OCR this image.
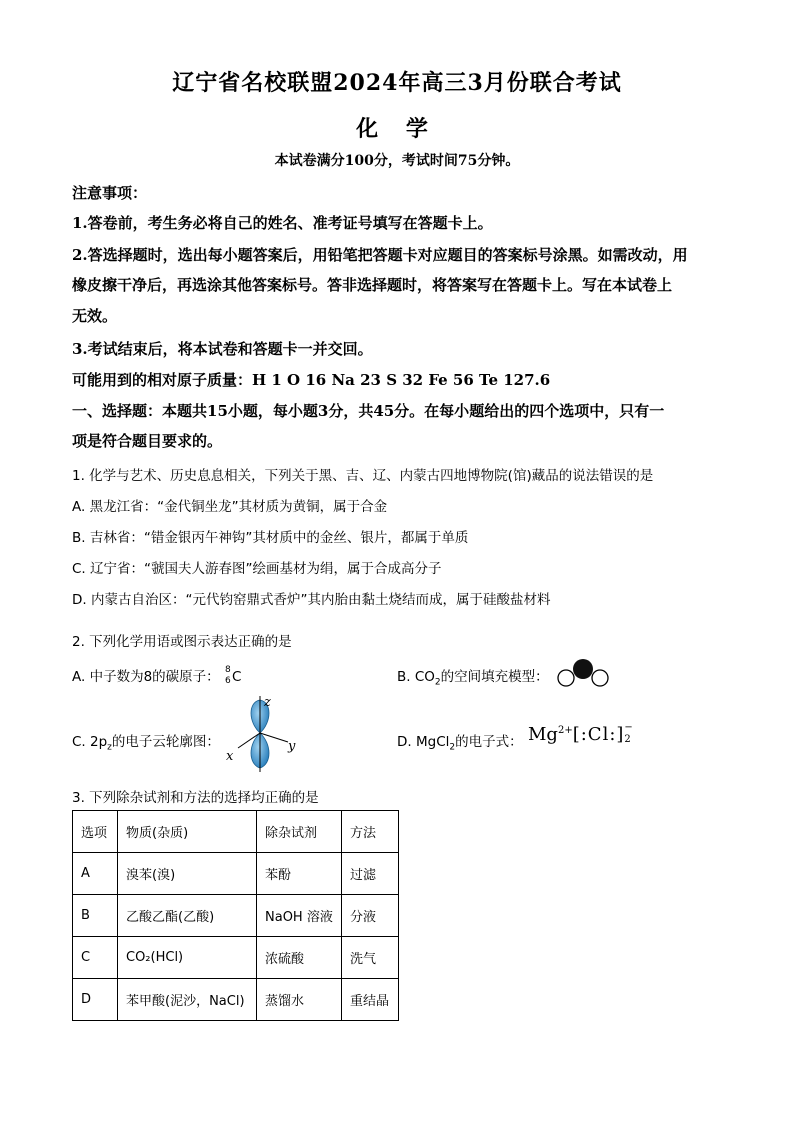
辽宁省名校联盟2024年高三3月份联合考试
化 学
本试卷满分100分，考试时间75分钟。
注意事项：
1.答卷前，考生务必将自己的姓名、准考证号填写在答题卡上。
2.答选择题时，选出每小题答案后，用铅笔把答题卡对应题目的答案标号涂黑。如需改动，用
橡皮擦干净后，再选涂其他答案标号。答非选择题时，将答案写在答题卡上。写在本试卷上
无效。
3.考试结束后，将本试卷和答题卡一并交回。
可能用到的相对原子质量：H 1 O 16 Na 23 S 32 Fe 56 Te 127.6
一、选择题：本题共15小题，每小题3分，共45分。在每小题给出的四个选项中，只有一
项是符合题目要求的。
1. 化学与艺术、历史息息相关，下列关于黑、吉、辽、内蒙古四地博物院(馆)藏品的说法错误的是
A. 黑龙江省：“金代铜坐龙”其材质为黄铜，属于合金
B. 吉林省：“错金银丙午神钩”其材质中的金丝、银片，都属于单质
C. 辽宁省：“虢国夫人游春图”绘画基材为绢，属于合成高分子
D. 内蒙古自治区：“元代钧窑鼎式香炉”其内胎由黏土烧结而成，属于硅酸盐材料
2. 下列化学用语或图示表达正确的是
A. 中子数为8的碳原子： 8
6 C	B. $CO_2$的空间填充模型：
C. $2p_z$的电子云轮廓图：
z
y
x
D. MgCl$_2$的电子式： $Mg^{2+}[:Cl:]$ −
2
3. 下列除杂试剂和方法的选择均正确的是
选项	物质(杂质)	除杂试剂	方法
A	溴苯(溴)	苯酚	过滤
B	乙酸乙酯(乙酸)	NaOH 溶液	分液
C	CO₂(HCl)	浓硫酸	洗气
D	苯甲酸(泥沙，NaCl)	蒸馏水	重结晶
